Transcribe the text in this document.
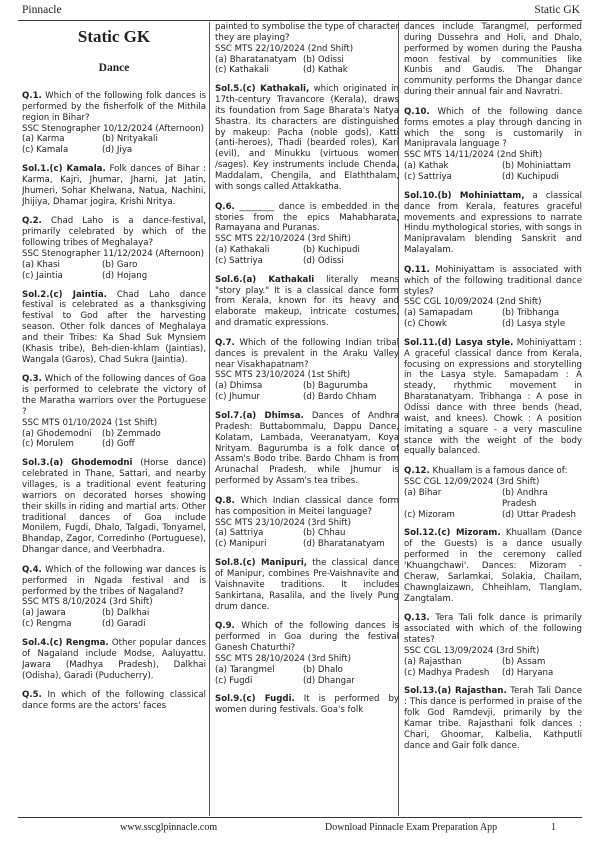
Pinnacle	Static GK
Static GK
Dance
Q.1. Which of the following folk dances is performed by the fisherfolk of the Mithila region in Bihar?
SSC Stenographer 10/12/2024 (Afternoon)
(a) Karma	(b) Nrityakali
(c) Kamala	(d) Jiya
Sol.1.(c) Kamala. Folk dances of Bihar : Karma, Kajri, Jhumar, Jharni, Jat Jatin, Jhumeri, Sohar Khelwana, Natua, Nachini, Jhijiya, Dhamar jogira, Krishi Nritya.
Q.2. Chad Laho is a dance-festival, primarily celebrated by which of the following tribes of Meghalaya?
SSC Stenographer 11/12/2024 (Afternoon)
(a) Khasi	(b) Garo
(c) Jaintia	(d) Hojang
Sol.2.(c) Jaintia. Chad Laho dance festival is celebrated as a thanksgiving festival to God after the harvesting season. Other folk dances of Meghalaya and their Tribes: Ka Shad Suk Mynsiem (Khasis tribe), Beh-dien-khlam (Jaintias), Wangala (Garos), Chad Sukra (Jaintia).
Q.3. Which of the following dances of Goa is performed to celebrate the victory of the Maratha warriors over the Portuguese ?
SSC MTS 01/10/2024 (1st Shift)
(a) Ghodemodni	(b) Zemmado
(c) Morulem	(d) Goff
Sol.3.(a) Ghodemodni (Horse dance) celebrated in Thane, Sattari, and nearby villages, is a traditional event featuring warriors on decorated horses showing their skills in riding and martial arts. Other traditional dances of Goa include Monilem, Fugdi, Dhalo, Talgadi, Tonyamel, Bhandap, Zagor, Corredinho (Portuguese), Dhangar dance, and Veerbhadra.
Q.4. Which of the following war dances is performed in Ngada festival and is performed by the tribes of Nagaland?
SSC MTS 8/10/2024 (3rd Shift)
(a) Jawara	(b) Dalkhai
(c) Rengma	(d) Garadi
Sol.4.(c) Rengma. Other popular dances of Nagaland include Modse, Aaluyattu. Jawara (Madhya Pradesh), Dalkhai (Odisha), Garadi (Puducherry).
Q.5. In which of the following classical dance forms are the actors' faces
painted to symbolise the type of character they are playing?
SSC MTS 22/10/2024 (2nd Shift)
(a) Bharatanatyam (b) Odissi
(c) Kathakali	(d) Kathak
Sol.5.(c) Kathakali, which originated in 17th-century Travancore (Kerala), draws its foundation from Sage Bharata's Natya Shastra. Its characters are distinguished by makeup: Pacha (noble gods), Katti (anti-heroes), Thadi (bearded roles), Kari (evil), and Minukku (virtuous women /sages). Key instruments include Chenda, Maddalam, Chengila, and Elaththalam, with songs called Attakkatha.
Q.6. ________ dance is embedded in the stories from the epics Mahabharata, Ramayana and Puranas.
SSC MTS 22/10/2024 (3rd Shift)
(a) Kathakali	(b) Kuchipudi
(c) Sattriya	(d) Odissi
Sol.6.(a) Kathakali literally means "story play." It is a classical dance form from Kerala, known for its heavy and elaborate makeup, intricate costumes, and dramatic expressions.
Q.7. Which of the following Indian tribal dances is prevalent in the Araku Valley near Visakhapatnam?
SSC MTS 23/10/2024 (1st Shift)
(a) Dhimsa	(b) Bagurumba
(c) Jhumur	(d) Bardo Chham
Sol.7.(a) Dhimsa. Dances of Andhra Pradesh: Buttabommalu, Dappu Dance, Kolatam, Lambada, Veeranatyam, Koya Nrityam. Bagurumba is a folk dance of Assam's Bodo tribe. Bardo Chham is from Arunachal Pradesh, while Jhumur is performed by Assam's tea tribes.
Q.8. Which Indian classical dance form has composition in Meitei language?
SSC MTS 23/10/2024 (3rd Shift)
(a) Sattriya	(b) Chhau
(c) Manipuri	(d) Bharatanatyam
Sol.8.(c) Manipuri, the classical dance of Manipur, combines Pre-Vaishnavite and Vaishnavite traditions. It includes Sankirtana, Rasalila, and the lively Pung drum dance.
Q.9. Which of the following dances is performed in Goa during the festival Ganesh Chaturthi?
SSC MTS 28/10/2024 (3rd Shift)
(a) Tarangmel	(b) Dhalo
(c) Fugdi	(d) Dhangar
Sol.9.(c) Fugdi. It is performed by women during festivals. Goa's folk
dances include Tarangmel, performed during Dussehra and Holi, and Dhalo, performed by women during the Pausha moon festival by communities like Kunbis and Gaudis. The Dhangar community performs the Dhangar dance during their annual fair and Navratri.
Q.10. Which of the following dance forms emotes a play through dancing in which the song is customarily in Manipravala language ?
SSC MTS 14/11/2024 (2nd Shift)
(a) Kathak	(b) Mohiniattam
(c) Sattriya	(d) Kuchipudi
Sol.10.(b) Mohiniattam, a classical dance from Kerala, features graceful movements and expressions to narrate Hindu mythological stories, with songs in Manipravalam blending Sanskrit and Malayalam.
Q.11. Mohiniyattam is associated with which of the following traditional dance styles?
SSC CGL 10/09/2024 (2nd Shift)
(a) Samapadam	(b) Tribhanga
(c) Chowk	(d) Lasya style
Sol.11.(d) Lasya style. Mohiniyattam : A graceful classical dance from Kerala, focusing on expressions and storytelling in the Lasya style. Samapadam : A steady, rhythmic movement in Bharatanatyam. Tribhanga : A pose in Odissi dance with three bends (head, waist, and knees). Chowk : A position imitating a square - a very masculine stance with the weight of the body equally balanced.
Q.12. Khuallam is a famous dance of:
SSC CGL 12/09/2024 (3rd Shift)
(a) Bihar	(b) Andhra Pradesh
(c) Mizoram	(d) Uttar Pradesh
Sol.12.(c) Mizoram. Khuallam (Dance of the Guests) is a dance usually performed in the ceremony called 'Khuangchawi'. Dances: Mizoram - Cheraw, Sarlamkai, Solakia, Chailam, Chawnglaizawn, Chheihlam, Tlanglam, Zangtalam.
Q.13. Tera Tali folk dance is primarily associated with which of the following states?
SSC CGL 13/09/2024 (3rd Shift)
(a) Rajasthan	(b) Assam
(c) Madhya Pradesh	(d) Haryana
Sol.13.(a) Rajasthan. Terah Tali Dance : This dance is performed in praise of the folk God Ramdevji, primarily by the Kamar tribe. Rajasthani folk dances : Chari, Ghoomar, Kalbelia, Kathputli dance and Gair folk dance.
www.sscglpinnacle.com	Download Pinnacle Exam Preparation App	1
